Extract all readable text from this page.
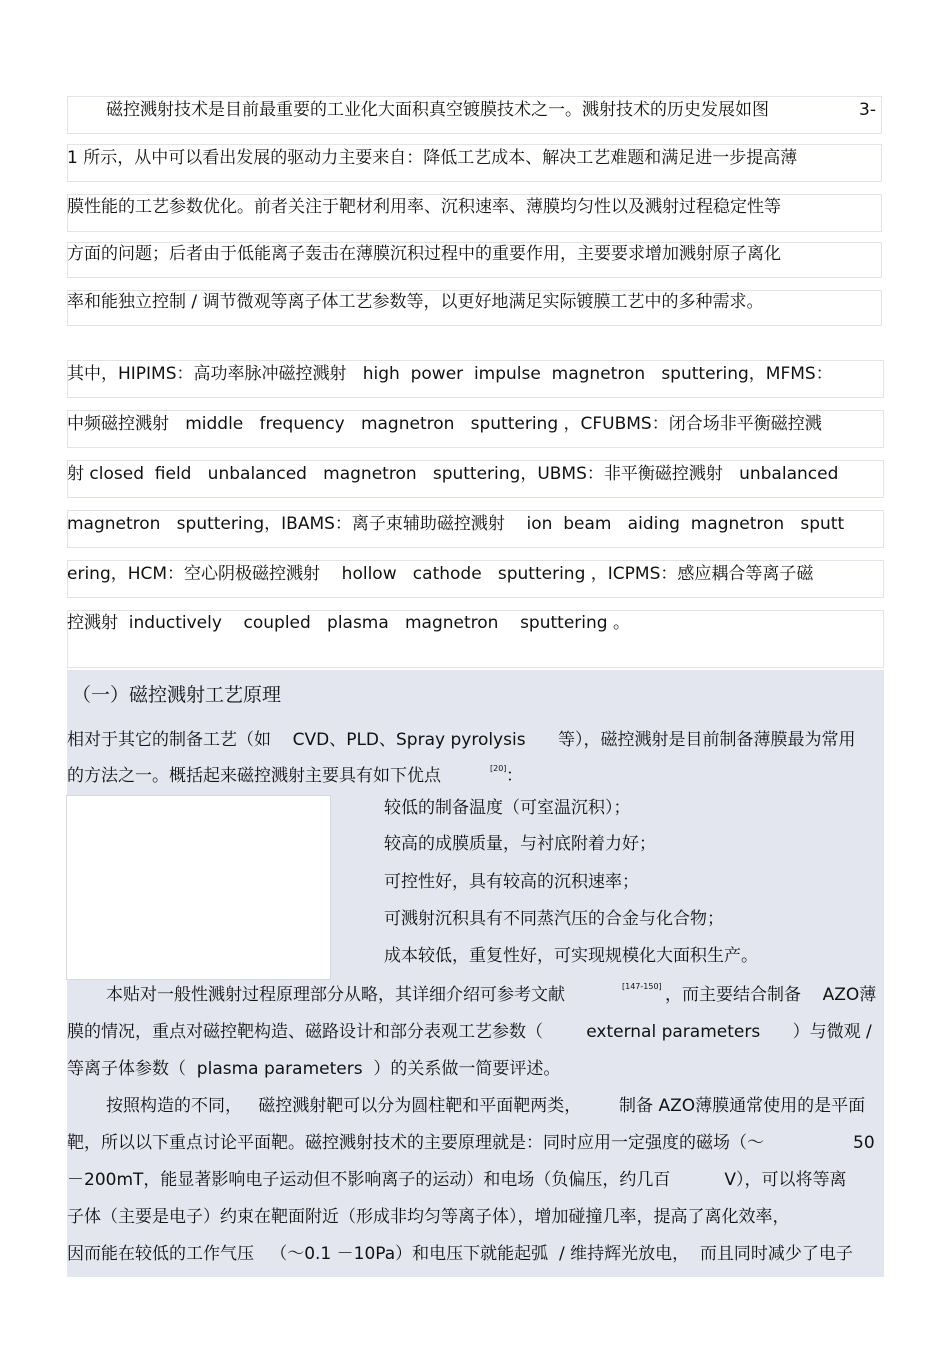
磁控溅射技术是目前最重要的工业化大面积真空镀膜技术之一。溅射技术的历史发展如图	3-
1 所示，从中可以看出发展的驱动力主要来自：降低工艺成本、解决工艺难题和满足进一步提高薄
膜性能的工艺参数优化。前者关注于靶材利用率、沉积速率、薄膜均匀性以及溅射过程稳定性等
方面的问题；后者由于低能离子轰击在薄膜沉积过程中的重要作用，主要要求增加溅射原子离化
率和能独立控制 / 调节微观等离子体工艺参数等，以更好地满足实际镀膜工艺中的多种需求。

其中，HIPIMS：高功率脉冲磁控溅射   high  power  impulse  magnetron   sputtering，MFMS：

中频磁控溅射   middle   frequency   magnetron   sputtering ，CFUBMS：闭合场非平衡磁控溅

射 closed  field   unbalanced   magnetron   sputtering，UBMS：非平衡磁控溅射   unbalanced

magnetron   sputtering，IBAMS：离子束辅助磁控溅射    ion  beam   aiding  magnetron   sputt

ering，HCM：空心阴极磁控溅射    hollow   cathode   sputtering ，ICPMS：感应耦合等离子磁

控溅射  inductively    coupled   plasma   magnetron    sputtering 。

（一）磁控溅射工艺原理
相对于其它的制备工艺（如    CVD、PLD、Spray pyrolysis      等），磁控溅射是目前制备薄膜最为常用
的方法之一。概括起来磁控溅射主要具有如下优点	[20] ：
较低的制备温度（可室温沉积）；
较高的成膜质量，与衬底附着力好；
可控性好，具有较高的沉积速率；
可溅射沉积具有不同蒸汽压的合金与化合物；
成本较低，重复性好，可实现规模化大面积生产。
本贴对一般性溅射过程原理部分从略，其详细介绍可参考文献	[147-150] ，而主要结合制备    AZO薄
膜的情况，重点对磁控靶构造、磁路设计和部分表观工艺参数（        external parameters      ）与微观 /
等离子体参数（  plasma parameters  ）的关系做一简要评述。
按照构造的不同，   磁控溅射靶可以分为圆柱靶和平面靶两类，       制备 AZO薄膜通常使用的是平面
靶，所以以下重点讨论平面靶。磁控溅射技术的主要原理就是：同时应用一定强度的磁场（～	50
－200mT，能显著影响电子运动但不影响离子的运动）和电场（负偏压，约几百          V），可以将等离
子体（主要是电子）约束在靶面附近（形成非均匀等离子体），增加碰撞几率，提高了离化效率，
因而能在较低的工作气压   （～0.1 －10Pa）和电压下就能起弧  / 维持辉光放电，  而且同时减少了电子
